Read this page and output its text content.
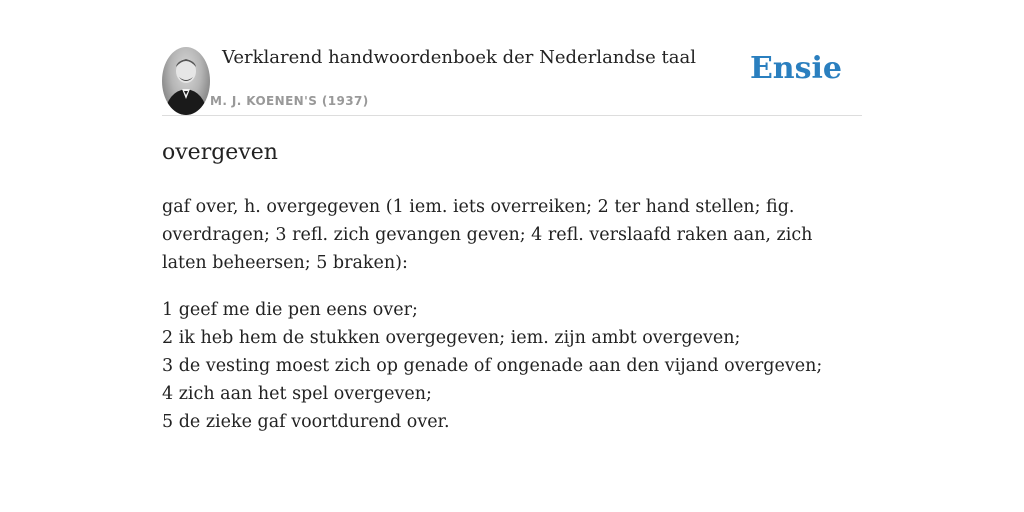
Verklarend handwoordenboek der Nederlandse taal
M. J. KOENEN'S (1937)
Ensie
overgeven

gaf over, h. overgegeven (1 iem. iets overreiken; 2 ter hand stellen; fig. overdragen; 3 refl. zich gevangen geven; 4 refl. verslaafd raken aan, zich laten beheersen; 5 braken):

1 geef me die pen eens over;
2 ik heb hem de stukken overgegeven; iem. zijn ambt overgeven;
3 de vesting moest zich op genade of ongenade aan den vijand overgeven;
4 zich aan het spel overgeven;
5 de zieke gaf voortdurend over.
